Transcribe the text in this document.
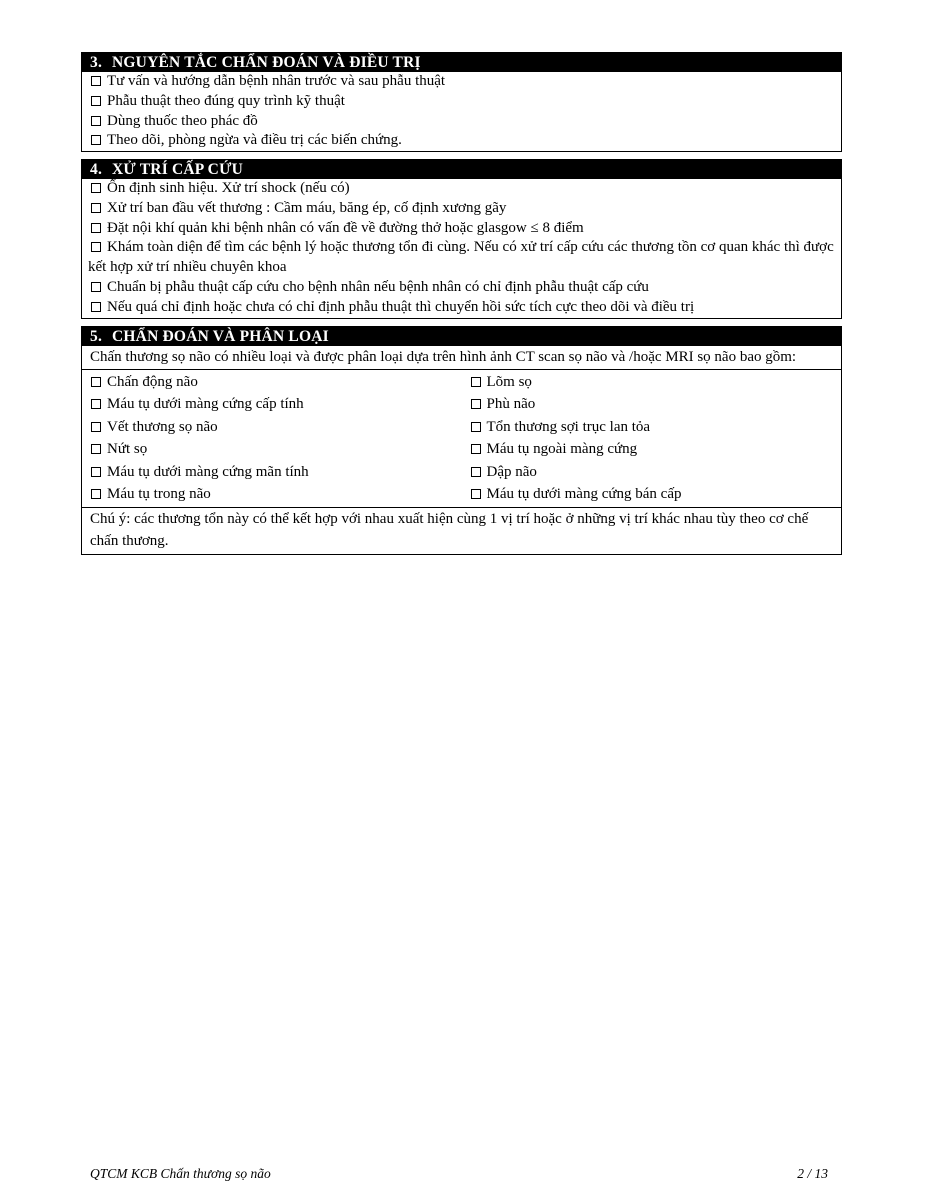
3. NGUYÊN TẮC CHẨN ĐOÁN VÀ ĐIỀU TRỊ
Tư vấn và hướng dẫn bệnh nhân trước và sau phẫu thuật
Phẫu thuật theo đúng quy trình kỹ thuật
Dùng thuốc theo phác đồ
Theo dõi, phòng ngừa và điều trị các biến chứng.
4. XỬ TRÍ CẤP CỨU
Ổn định sinh hiệu. Xử trí shock (nếu có)
Xử trí ban đầu vết thương : Cầm máu, băng ép, cố định xương gãy
Đặt nội khí quản khi bệnh nhân có vấn đề về đường thở hoặc glasgow ≤ 8 điểm
Khám toàn diện để tìm các bệnh lý hoặc thương tổn đi cùng. Nếu có xử trí cấp cứu các thương tồn cơ quan khác thì được kết hợp xử trí nhiều chuyên khoa
Chuẩn bị phẫu thuật cấp cứu cho bệnh nhân nếu bệnh nhân có chỉ định phẫu thuật cấp cứu
Nếu quá chỉ định hoặc chưa có chỉ định phẫu thuật thì chuyển hồi sức tích cực theo dõi và điều trị
5. CHẨN ĐOÁN VÀ PHÂN LOẠI
Chấn thương sọ não có nhiều loại và được phân loại dựa trên hình ảnh CT scan sọ não và /hoặc MRI sọ não bao gồm:
Chấn động não
Máu tụ dưới màng cứng cấp tính
Vết thương sọ não
Nứt sọ
Máu tụ dưới màng cứng mãn tính
Máu tụ trong não
Lõm sọ
Phù não
Tổn thương sợi trục lan tỏa
Máu tụ ngoài màng cứng
Dập não
Máu tụ dưới màng cứng bán cấp
Chú ý: các thương tổn này có thể kết hợp với nhau xuất hiện cùng 1 vị trí hoặc ở những vị trí khác nhau tùy theo cơ chế chấn thương.
QTCM KCB Chấn thương sọ não	2 / 13
